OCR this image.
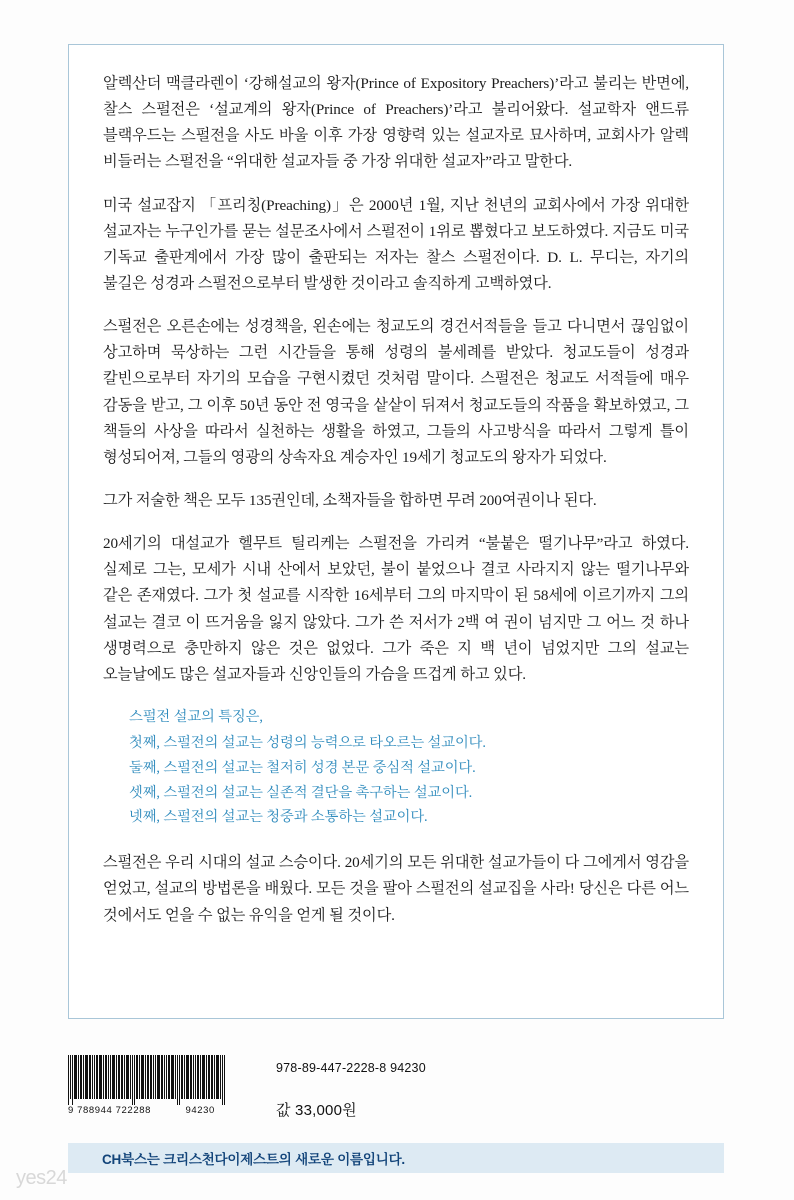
알렉산더 맥클라렌이 ‘강해설교의 왕자(Prince of Expository Preachers)’라고 불리는 반면에, 찰스 스펄전은 ‘설교계의 왕자(Prince of Preachers)’라고 불리어왔다. 설교학자 앤드류 블랙우드는 스펄전을 사도 바울 이후 가장 영향력 있는 설교자로 묘사하며, 교회사가 알렉 비들러는 스펄전을 “위대한 설교자들 중 가장 위대한 설교자”라고 말한다.

미국 설교잡지 「프리칭(Preaching)」은 2000년 1월, 지난 천년의 교회사에서 가장 위대한 설교자는 누구인가를 묻는 설문조사에서 스펄전이 1위로 뽑혔다고 보도하였다. 지금도 미국 기독교 출판계에서 가장 많이 출판되는 저자는 찰스 스펄전이다. D. L. 무디는, 자기의 불길은 성경과 스펄전으로부터 발생한 것이라고 솔직하게 고백하였다.

스펄전은 오른손에는 성경책을, 왼손에는 청교도의 경건서적들을 들고 다니면서 끊임없이 상고하며 묵상하는 그런 시간들을 통해 성령의 불세례를 받았다. 청교도들이 성경과 칼빈으로부터 자기의 모습을 구현시켰던 것처럼 말이다. 스펄전은 청교도 서적들에 매우 감동을 받고, 그 이후 50년 동안 전 영국을 샅샅이 뒤져서 청교도들의 작품을 확보하였고, 그 책들의 사상을 따라서 실천하는 생활을 하였고, 그들의 사고방식을 따라서 그렇게 틀이 형성되어져, 그들의 영광의 상속자요 계승자인 19세기 청교도의 왕자가 되었다.

그가 저술한 책은 모두 135권인데, 소책자들을 합하면 무려 200여권이나 된다.

20세기의 대설교가 헬무트 틸리케는 스펄전을 가리켜 “불붙은 떨기나무”라고 하였다. 실제로 그는, 모세가 시내 산에서 보았던, 불이 붙었으나 결코 사라지지 않는 떨기나무와 같은 존재였다. 그가 첫 설교를 시작한 16세부터 그의 마지막이 된 58세에 이르기까지 그의 설교는 결코 이 뜨거움을 잃지 않았다. 그가 쓴 저서가 2백 여 권이 넘지만 그 어느 것 하나 생명력으로 충만하지 않은 것은 없었다. 그가 죽은 지 백 년이 넘었지만 그의 설교는 오늘날에도 많은 설교자들과 신앙인들의 가슴을 뜨겁게 하고 있다.

스펄전 설교의 특징은,

첫째, 스펄전의 설교는 성령의 능력으로 타오르는 설교이다.

둘째, 스펄전의 설교는 철저히 성경 본문 중심적 설교이다.

셋째, 스펄전의 설교는 실존적 결단을 촉구하는 설교이다.

넷째, 스펄전의 설교는 청중과 소통하는 설교이다.

스펄전은 우리 시대의 설교 스승이다. 20세기의 모든 위대한 설교가들이 다 그에게서 영감을 얻었고, 설교의 방법론을 배웠다. 모든 것을 팔아 스펄전의 설교집을 사라! 당신은 다른 어느 것에서도 얻을 수 없는 유익을 얻게 될 것이다.

9 788944 722288	94230
978-89-447-2228-8 94230
값 33,000원
CH북스는 크리스천다이제스트의 새로운 이름입니다.
yes24
